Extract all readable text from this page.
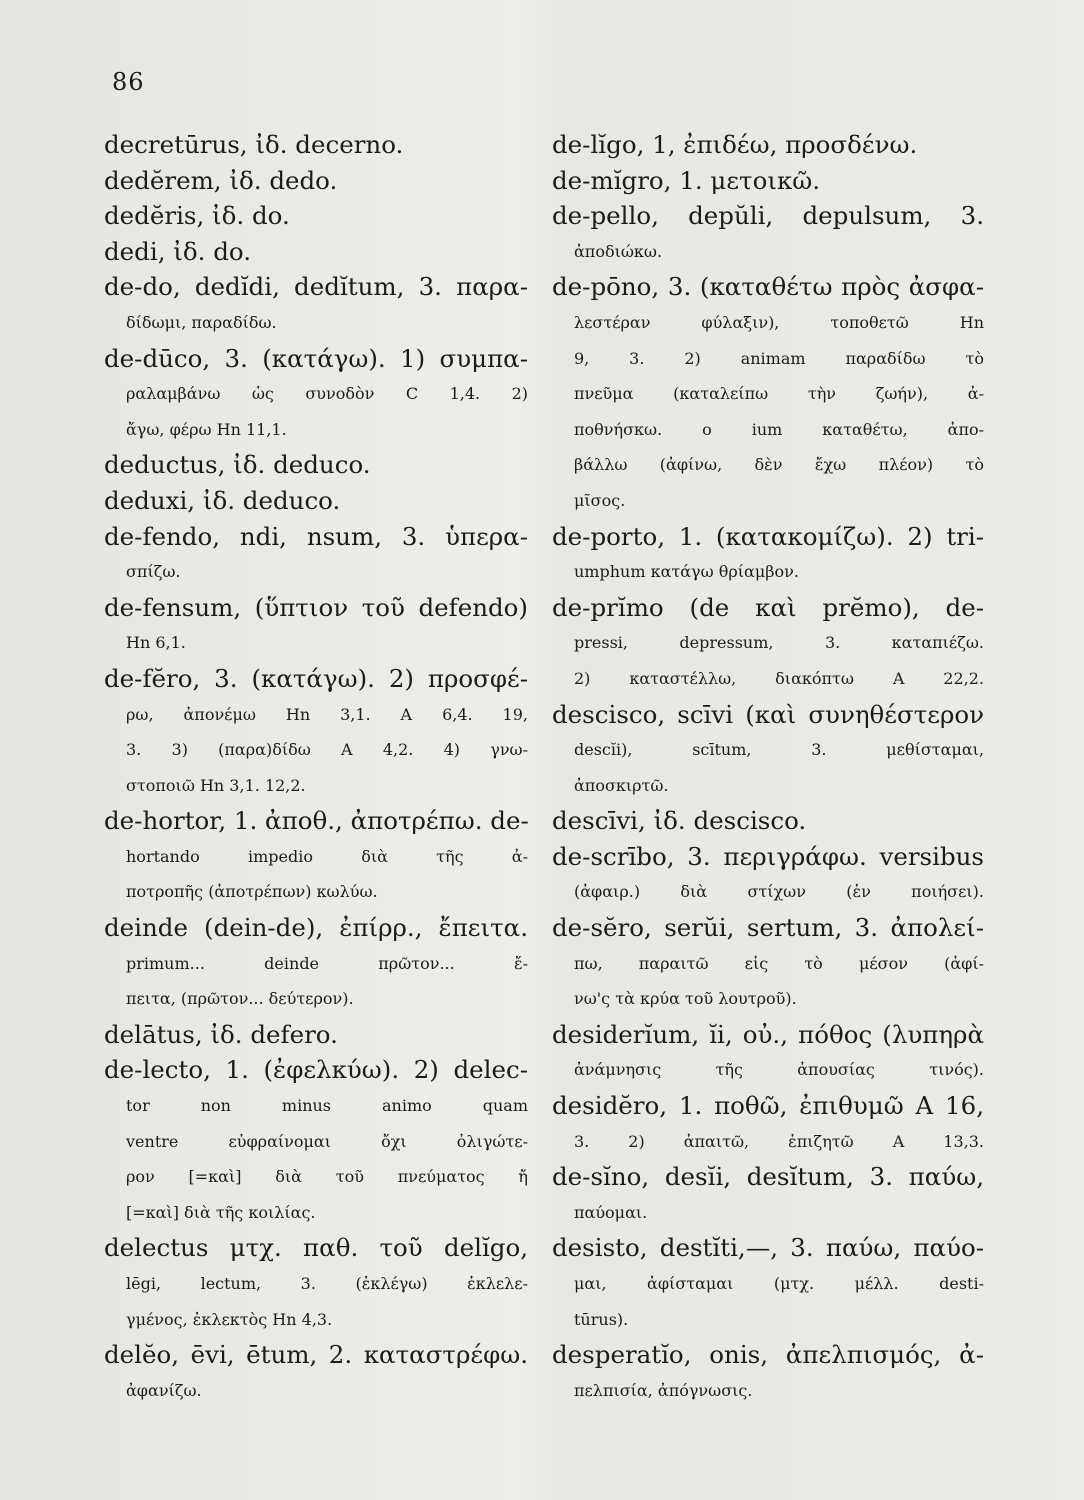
86
decretūrus, ἰδ. decerno.
dedĕrem, ἰδ. dedo.
dedĕris, ἰδ. do.
dedi, ἰδ. do.
de-do, dedĭdi, dedĭtum, 3. παρα-
δίδωμι, παραδίδω.
de-dūco, 3. (κατάγω). 1) συμπα-
ραλαμβάνω ὡς συνοδὸν C 1,4. 2)
ἄγω, φέρω Hn 11,1.
deductus, ἰδ. deduco.
deduxi, ἰδ. deduco.
de-fendo, ndi, nsum, 3. ὑπερα-
σπίζω.
de-fensum, (ὕπτιον τοῦ defendo)
Hn 6,1.
de-fĕro, 3. (κατάγω). 2) προσφέ-
ρω, ἀπονέμω Hn 3,1. A 6,4. 19,
3. 3) (παρα)δίδω A 4,2. 4) γνω-
στοποιῶ Hn 3,1. 12,2.
de-hortor, 1. ἀποθ., ἀποτρέπω. de-
hortando impedio διὰ τῆς ἀ-
ποτροπῆς (ἀποτρέπων) κωλύω.
deinde (dein-de), ἐπίρρ., ἔπειτα.
primum... deinde πρῶτον... ἔ-
πειτα, (πρῶτον... δεύτερον).
delātus, ἰδ. defero.
de-lecto, 1. (ἐφελκύω). 2) delec-
tor non minus animo quam
ventre εὐφραίνομαι ὄχι ὀλιγώτε-
ρον [=καὶ] διὰ τοῦ πνεύματος ἤ
[=καὶ] διὰ τῆς κοιλίας.
delectus μτχ. παθ. τοῦ delĭgo,
lēgi, lectum, 3. (ἐκλέγω) ἐκλελε-
γμένος, ἐκλεκτὸς Hn 4,3.
delĕo, ēvi, ētum, 2. καταστρέφω.
ἀφανίζω.
de-lĭgo, 1, ἐπιδέω, προσδένω.
de-mĭgro, 1. μετοικῶ.
de-pello, depŭli, depulsum, 3.
ἀποδιώκω.
de-pōno, 3. (καταθέτω πρὸς ἀσφα-
λεστέραν φύλαξιν), τοποθετῶ Hn
9, 3. 2) animam παραδίδω τὸ
πνεῦμα (καταλείπω τὴν ζωήν), ἀ-
ποθνήσκω. o ium καταθέτω, ἀπο-
βάλλω (ἀφίνω, δὲν ἔχω πλέον) τὸ
μῖσος.
de-porto, 1. (κατακομίζω). 2) tri-
umphum κατάγω θρίαμβον.
de-prĭmo (de καὶ prĕmo), de-
pressi, depressum, 3. καταπιέζω.
2) καταστέλλω, διακόπτω A 22,2.
descisco, scīvi (καὶ συνηθέστερον
descĭi), scītum, 3. μεθίσταμαι,
ἀποσκιρτῶ.
descīvi, ἰδ. descisco.
de-scrībo, 3. περιγράφω. versibus
(ἀφαιρ.) διὰ στίχων (ἐν ποιήσει).
de-sĕro, serŭi, sertum, 3. ἀπολεί-
πω, παραιτῶ εἰς τὸ μέσον (ἀφί-
νω'ς τὰ κρύα τοῦ λουτροῦ).
desiderĭum, ĭi, οὐ., πόθος (λυπηρὰ
ἀνάμνησις τῆς ἀπουσίας τινός).
desidĕro, 1. ποθῶ, ἐπιθυμῶ A 16,
3. 2) ἀπαιτῶ, ἐπιζητῶ A 13,3.
de-sĭno, desĭi, desĭtum, 3. παύω,
παύομαι.
desisto, destĭti,—, 3. παύω, παύο-
μαι, ἀφίσταμαι (μτχ. μέλλ. desti-
tūrus).
desperatĭo, onis, ἀπελπισμός, ἀ-
πελπισία, ἀπόγνωσις.
